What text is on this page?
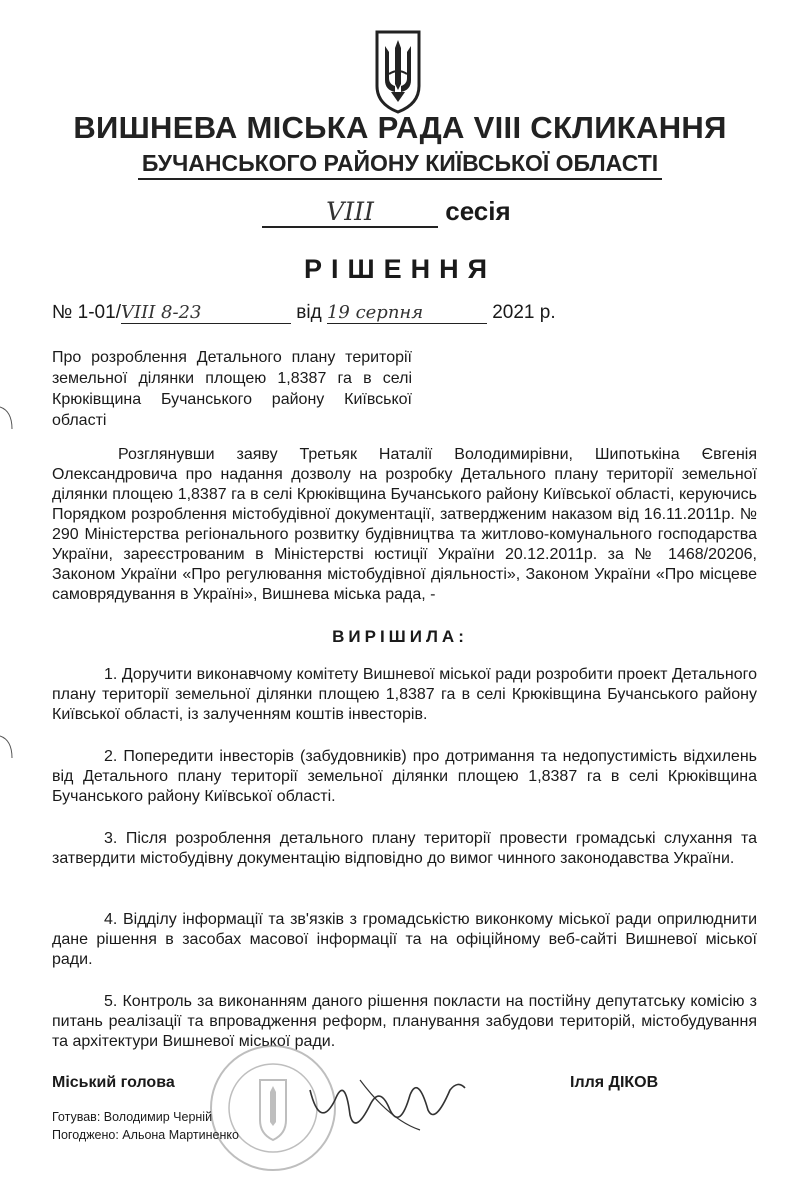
ВИШНЕВА МІСЬКА РАДА VIII СКЛИКАННЯ
БУЧАНСЬКОГО РАЙОНУ КИЇВСЬКОЇ ОБЛАСТІ
VIII	сесія
РІШЕННЯ
№ 1-01/VIII 8-23	від 19 серпня	2021 р.
Про розроблення Детального плану території земельної ділянки площею 1,8387 га в селі Крюківщина Бучанського району Київської області
Розглянувши заяву Третьяк Наталії Володимирівни, Шипотькіна Євгенія Олександровича про надання дозволу на розробку Детального плану території земельної ділянки площею 1,8387 га в селі Крюківщина Бучанського району Київської області, керуючись Порядком розроблення містобудівної документації, затвердженим наказом від 16.11.2011р. № 290 Міністерства регіонального розвитку будівництва та житлово-комунального господарства України, зареєстрованим в Міністерстві юстиції України 20.12.2011р. за № 1468/20206, Законом України «Про регулювання містобудівної діяльності», Законом України «Про місцеве самоврядування в Україні», Вишнева міська рада, -
ВИРІШИЛА:
1. Доручити виконавчому комітету Вишневої міської ради розробити проект Детального плану території земельної ділянки площею 1,8387 га в селі Крюківщина Бучанського району Київської області, із залученням коштів інвесторів.
2. Попередити інвесторів (забудовників) про дотримання та недопустимість відхилень від Детального плану території земельної ділянки площею 1,8387 га в селі Крюківщина Бучанського району Київської області.
3. Після розроблення детального плану території провести громадські слухання та затвердити містобудівну документацію відповідно до вимог чинного законодавства України.
4. Відділу інформації та зв'язків з громадськістю виконкому міської ради оприлюднити дане рішення в засобах масової інформації та на офіційному веб-сайті Вишневої міської ради.
5. Контроль за виконанням даного рішення покласти на постійну депутатську комісію з питань реалізації та впровадження реформ, планування забудови територій, містобудування та архітектури Вишневої міської ради.
Міський голова	Ілля ДІКОВ
Готував: Володимир Черній
Погоджено: Альона Мартиненко
